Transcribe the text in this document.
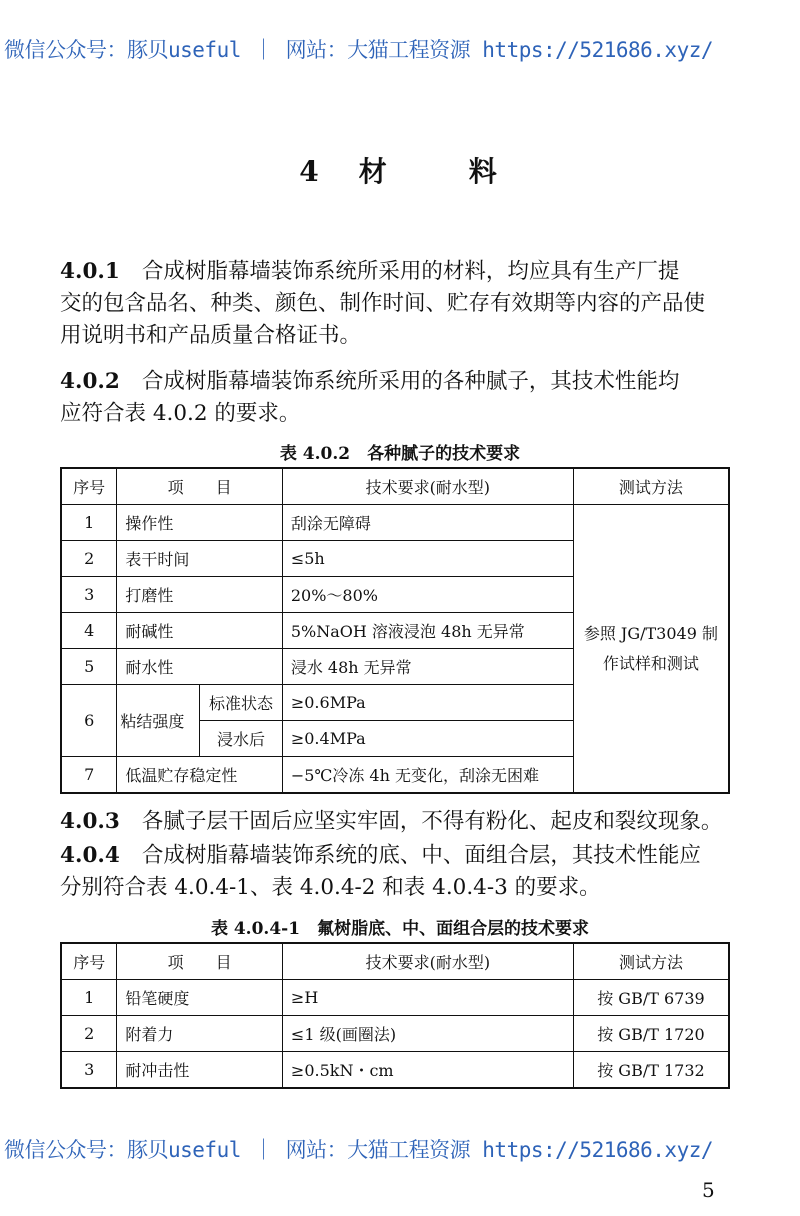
微信公众号：豚贝useful ｜ 网站：大猫工程资源 https://521686.xyz/
4 材	料
4.0.1 合成树脂幕墙装饰系统所采用的材料，均应具有生产厂提
交的包含品名、种类、颜色、制作时间、贮存有效期等内容的产品使
用说明书和产品质量合格证书。
4.0.2 合成树脂幕墙装饰系统所采用的各种腻子，其技术性能均
应符合表 4.0.2 的要求。
表 4.0.2　各种腻子的技术要求
序号	项　　目		技术要求(耐水型)	测试方法
1	操作性		刮涂无障碍	参照 JG/T3049 制作试样和测试
2	表干时间		≤5h	
3	打磨性		20%～80%	
4	耐碱性		5%NaOH 溶液浸泡 48h 无异常	
5	耐水性		浸水 48h 无异常	
6	粘结强度	标准状态	≥0.6MPa	
		浸水后	≥0.4MPa	
7	低温贮存稳定性		−5℃冷冻 4h 无变化，刮涂无困难	
4.0.3 各腻子层干固后应坚实牢固，不得有粉化、起皮和裂纹现象。
4.0.4 合成树脂幕墙装饰系统的底、中、面组合层，其技术性能应
分别符合表 4.0.4-1、表 4.0.4-2 和表 4.0.4-3 的要求。
表 4.0.4-1　氟树脂底、中、面组合层的技术要求
序号	项　　目	技术要求(耐水型)	测试方法
1	铅笔硬度	≥H	按 GB/T 6739
2	附着力	≤1 级(画圈法)	按 GB/T 1720
3	耐冲击性	≥0.5kN・cm	按 GB/T 1732
微信公众号：豚贝useful ｜ 网站：大猫工程资源 https://521686.xyz/
5
